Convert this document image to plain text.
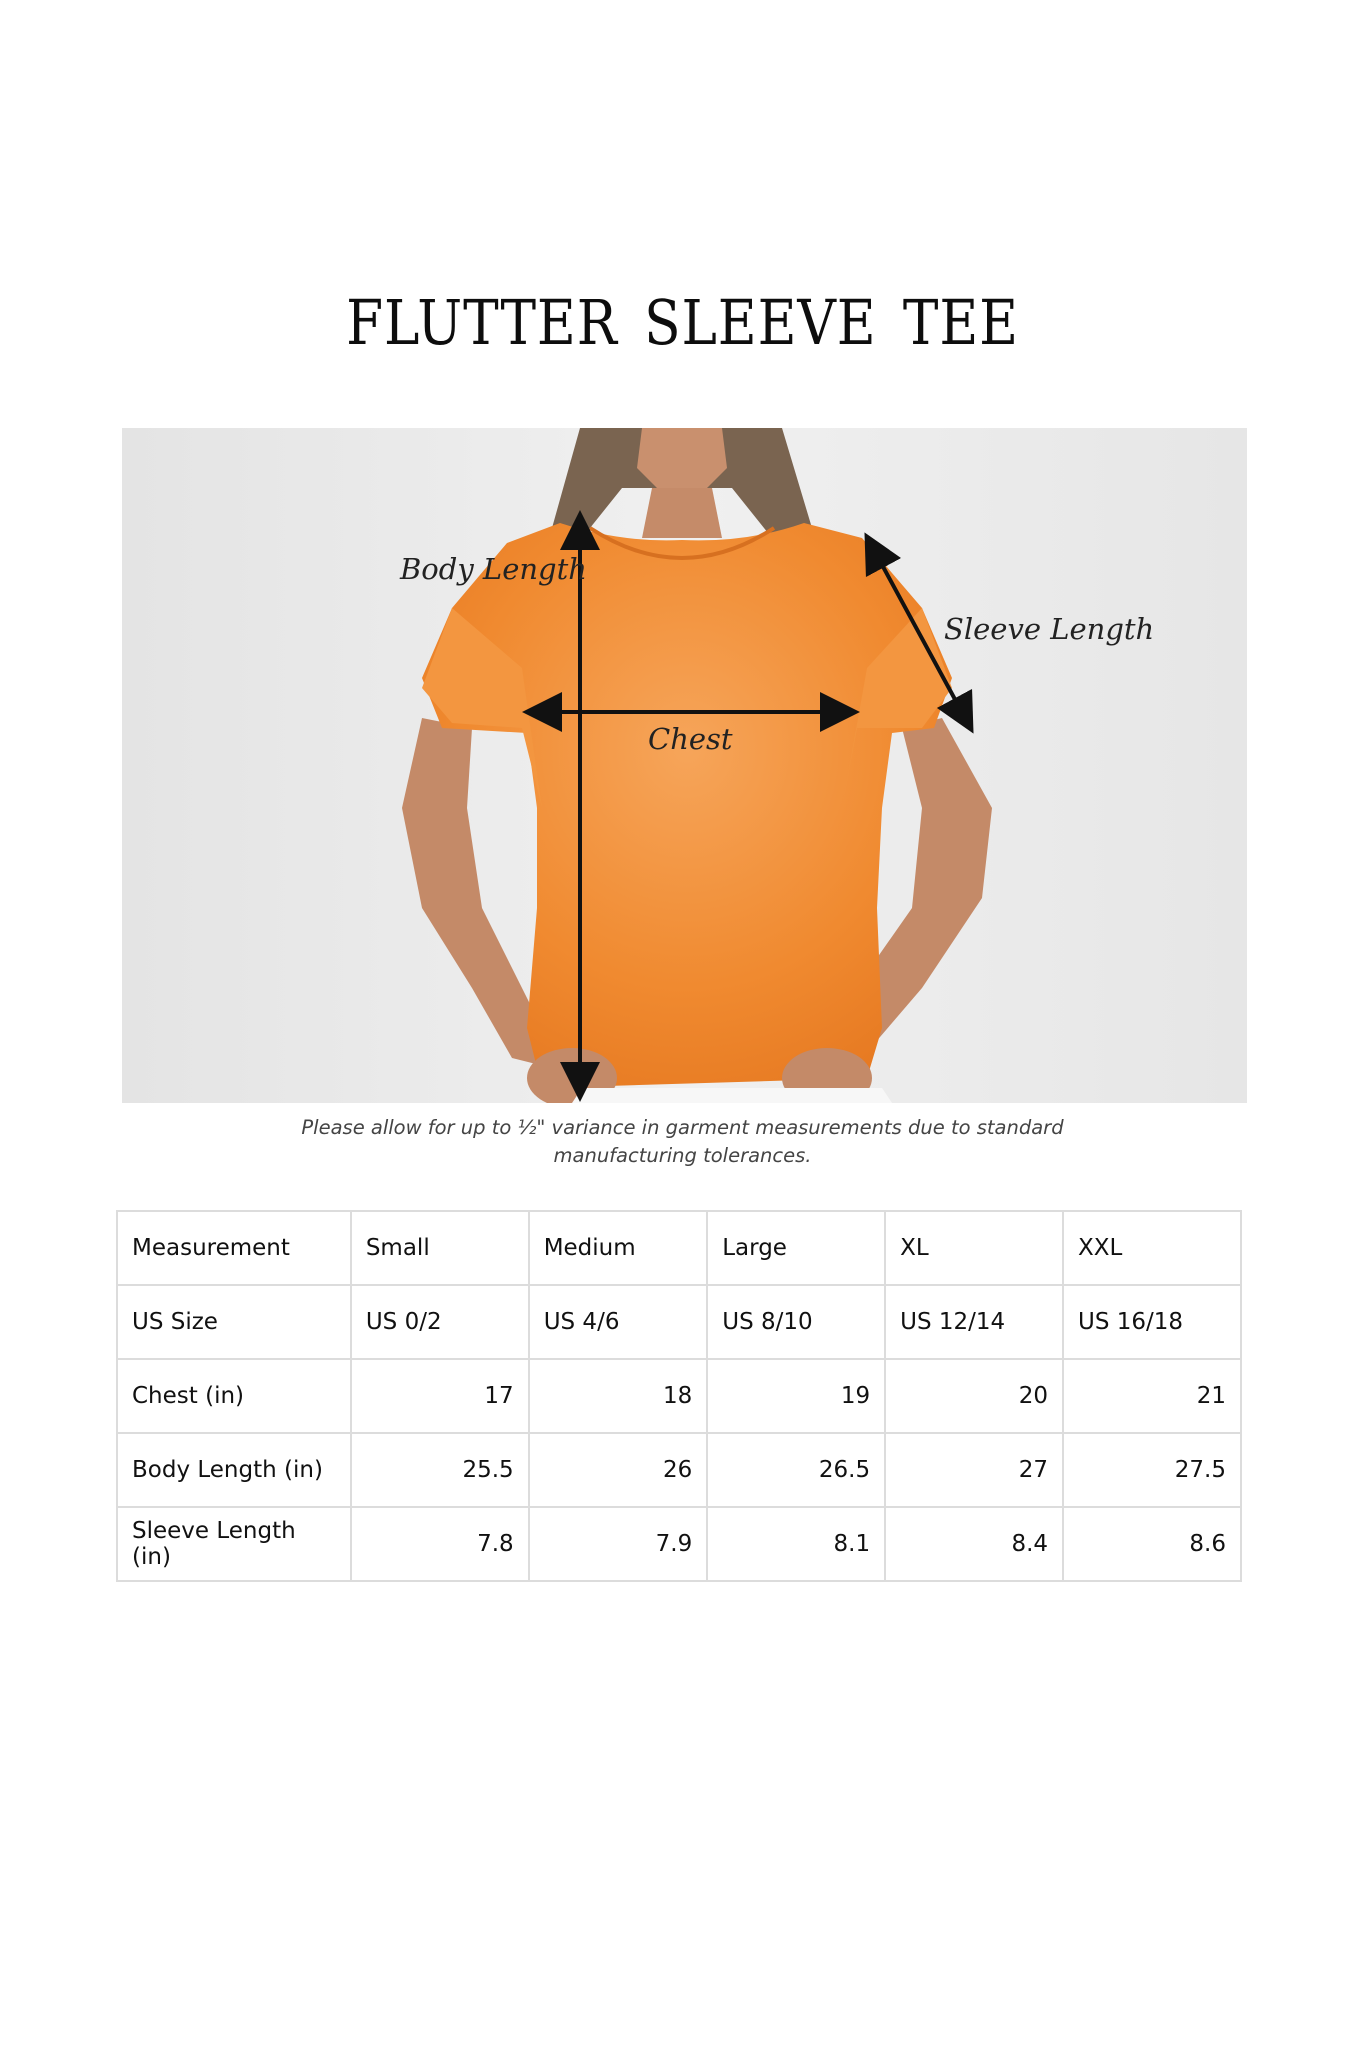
FLUTTER SLEEVE TEE
Body Length
Sleeve Length
Chest
Please allow for up to ½" variance in garment measurements due to standard
manufacturing tolerances.
Measurement	Small	Medium	Large	XL	XXL
US Size	US 0/2	US 4/6	US 8/10	US 12/14	US 16/18
Chest (in)	17	18	19	20	21
Body Length (in)	25.5	26	26.5	27	27.5
Sleeve Length (in)	7.8	7.9	8.1	8.4	8.6
